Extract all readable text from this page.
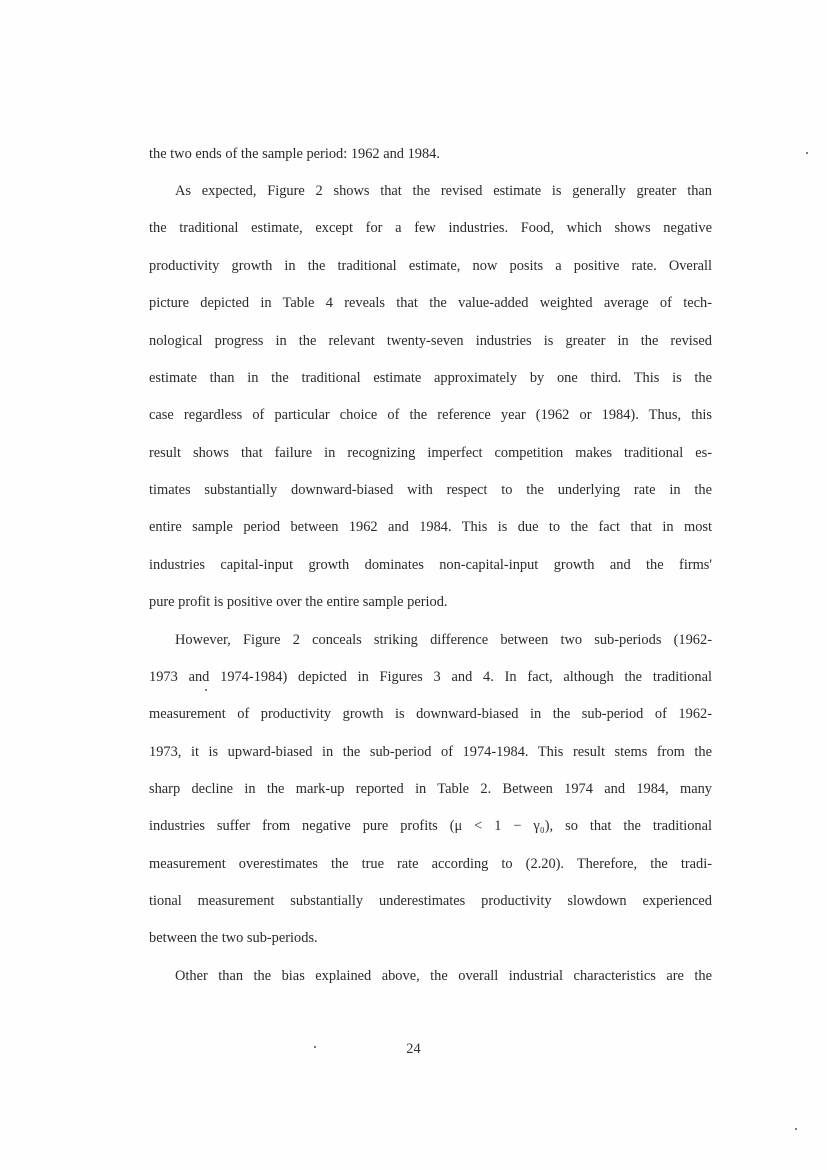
the two ends of the sample period: 1962 and 1984.
As expected, Figure 2 shows that the revised estimate is generally greater than
the traditional estimate, except for a few industries. Food, which shows negative
productivity growth in the traditional estimate, now posits a positive rate. Overall
picture depicted in Table 4 reveals that the value-added weighted average of tech-
nological progress in the relevant twenty-seven industries is greater in the revised
estimate than in the traditional estimate approximately by one third. This is the
case regardless of particular choice of the reference year (1962 or 1984). Thus, this
result shows that failure in recognizing imperfect competition makes traditional es-
timates substantially downward-biased with respect to the underlying rate in the
entire sample period between 1962 and 1984. This is due to the fact that in most
industries capital-input growth dominates non-capital-input growth and the firms'
pure profit is positive over the entire sample period.
However, Figure 2 conceals striking difference between two sub-periods (1962-
1973 and 1974-1984) depicted in Figures 3 and 4. In fact, although the traditional
measurement of productivity growth is downward-biased in the sub-period of 1962-
1973, it is upward-biased in the sub-period of 1974-1984. This result stems from the
sharp decline in the mark-up reported in Table 2. Between 1974 and 1984, many
industries suffer from negative pure profits (μ < 1 − γ₀), so that the traditional
measurement overestimates the true rate according to (2.20). Therefore, the tradi-
tional measurement substantially underestimates productivity slowdown experienced
between the two sub-periods.
Other than the bias explained above, the overall industrial characteristics are the
24
